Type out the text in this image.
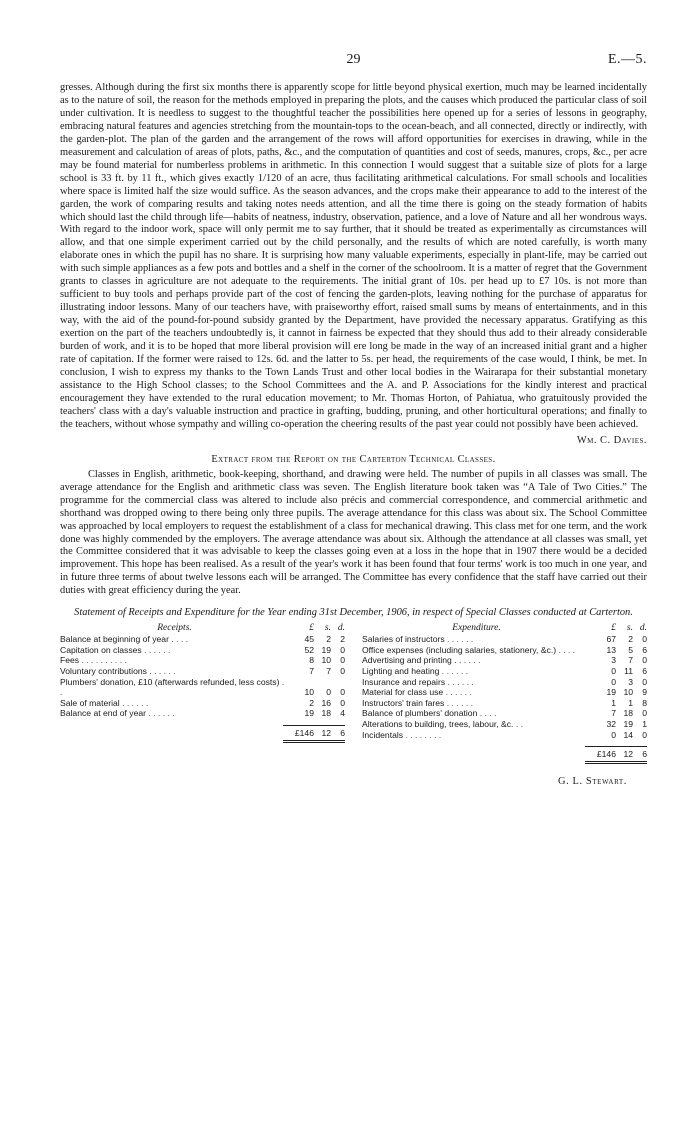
29	E.—5.

gresses. Although during the first six months there is apparently scope for little beyond physical exertion, much may be learned incidentally as to the nature of soil, the reason for the methods employed in preparing the plots, and the causes which produced the particular class of soil under cultivation. It is needless to suggest to the thoughtful teacher the possibilities here opened up for a series of lessons in geography, embracing natural features and agencies stretching from the mountain-tops to the ocean-beach, and all connected, directly or indirectly, with the garden-plot. The plan of the garden and the arrangement of the rows will afford opportunities for exercises in drawing, while in the measurement and calculation of areas of plots, paths, &c., and the computation of quantities and cost of seeds, manures, crops, &c., per acre may be found material for numberless problems in arithmetic. In this connection I would suggest that a suitable size of plots for a large school is 33 ft. by 11 ft., which gives exactly 1/120 of an acre, thus facilitating arithmetical calculations. For small schools and localities where space is limited half the size would suffice. As the season advances, and the crops make their appearance to add to the interest of the garden, the work of comparing results and taking notes needs attention, and all the time there is going on the steady formation of habits which should last the child through life—habits of neatness, industry, observation, patience, and a love of Nature and all her wondrous ways. With regard to the indoor work, space will only permit me to say further, that it should be treated as experimentally as circumstances will allow, and that one simple experiment carried out by the child personally, and the results of which are noted carefully, is worth many elaborate ones in which the pupil has no share. It is surprising how many valuable experiments, especially in plant-life, may be carried out with such simple appliances as a few pots and bottles and a shelf in the corner of the schoolroom. It is a matter of regret that the Government grants to classes in agriculture are not adequate to the requirements. The initial grant of 10s. per head up to £7 10s. is not more than sufficient to buy tools and perhaps provide part of the cost of fencing the garden-plots, leaving nothing for the purchase of apparatus for illustrating indoor lessons. Many of our teachers have, with praiseworthy effort, raised small sums by means of entertainments, and in this way, with the aid of the pound-for-pound subsidy granted by the Department, have provided the necessary apparatus. Gratifying as this exertion on the part of the teachers undoubtedly is, it cannot in fairness be expected that they should thus add to their already considerable burden of work, and it is to be hoped that more liberal provision will ere long be made in the way of an increased initial grant and a higher rate of capitation. If the former were raised to 12s. 6d. and the latter to 5s. per head, the requirements of the case would, I think, be met. In conclusion, I wish to express my thanks to the Town Lands Trust and other local bodies in the Wairarapa for their substantial monetary assistance to the High School classes; to the School Committees and the A. and P. Associations for the kindly interest and practical encouragement they have extended to the rural education movement; to Mr. Thomas Horton, of Pahiatua, who gratuitously provided the teachers' class with a day's valuable instruction and practice in grafting, budding, pruning, and other horticultural operations; and finally to the teachers, without whose sympathy and willing co-operation the cheering results of the past year could not possibly have been achieved.

Wm. C. Davies.
Extract from the Report on the Carterton Technical Classes.

Classes in English, arithmetic, book-keeping, shorthand, and drawing were held. The number of pupils in all classes was small. The average attendance for the English and arithmetic class was seven. The English literature book taken was “A Tale of Two Cities.” The programme for the commercial class was altered to include also précis and commercial correspondence, and commercial arithmetic and shorthand was dropped owing to there being only three pupils. The average attendance for this class was about six. The School Committee was approached by local employers to request the establishment of a class for mechanical drawing. This class met for one term, and the work done was highly commended by the employers. The average attendance was about six. Although the attendance at all classes was small, yet the Committee considered that it was advisable to keep the classes going even at a loss in the hope that in 1907 there would be a decided improvement. This hope has been realised. As a result of the year's work it has been found that four terms' work is too much in one year, and in future three terms of about twelve lessons each will be arranged. The Committee has every confidence that the staff have carried out their duties with great efficiency during the year.

Statement of Receipts and Expenditure for the Year ending 31st December, 1906, in respect of Special Classes conducted at Carterton.
Receipts.	£	s. d.
Balance at beginning of year . . . .	45	2	2
Capitation on classes . . . . . .	52 19	0
Fees . . . . . . . . . .	8 10	0
Voluntary contributions . . . . . .	7	7	0
Plumbers' donation, £10 (afterwards refunded, less costs) . .	10	0	0
Sale of material . . . . . .	2 16	0
Balance at end of year . . . . . .	19 18	4
£146 12	6
Expenditure.	£	s. d.
Salaries of instructors . . . . . .	67	2	0
Office expenses (including salaries, stationery, &c.) . . . .	13	5	6
Advertising and printing . . . . . .	3	7	0
Lighting and heating . . . . . .	0 11	6
Insurance and repairs . . . . . .	0	3	0
Material for class use . . . . . .	19 10	9
Instructors' train fares . . . . . .	1	1	8
Balance of plumbers' donation . . . .	7 18	0
Alterations to building, trees, labour, &c. . .	32 19	1
Incidentals . . . . . . . .	0 14	0
£146 12	6
G. L. Stewart.
